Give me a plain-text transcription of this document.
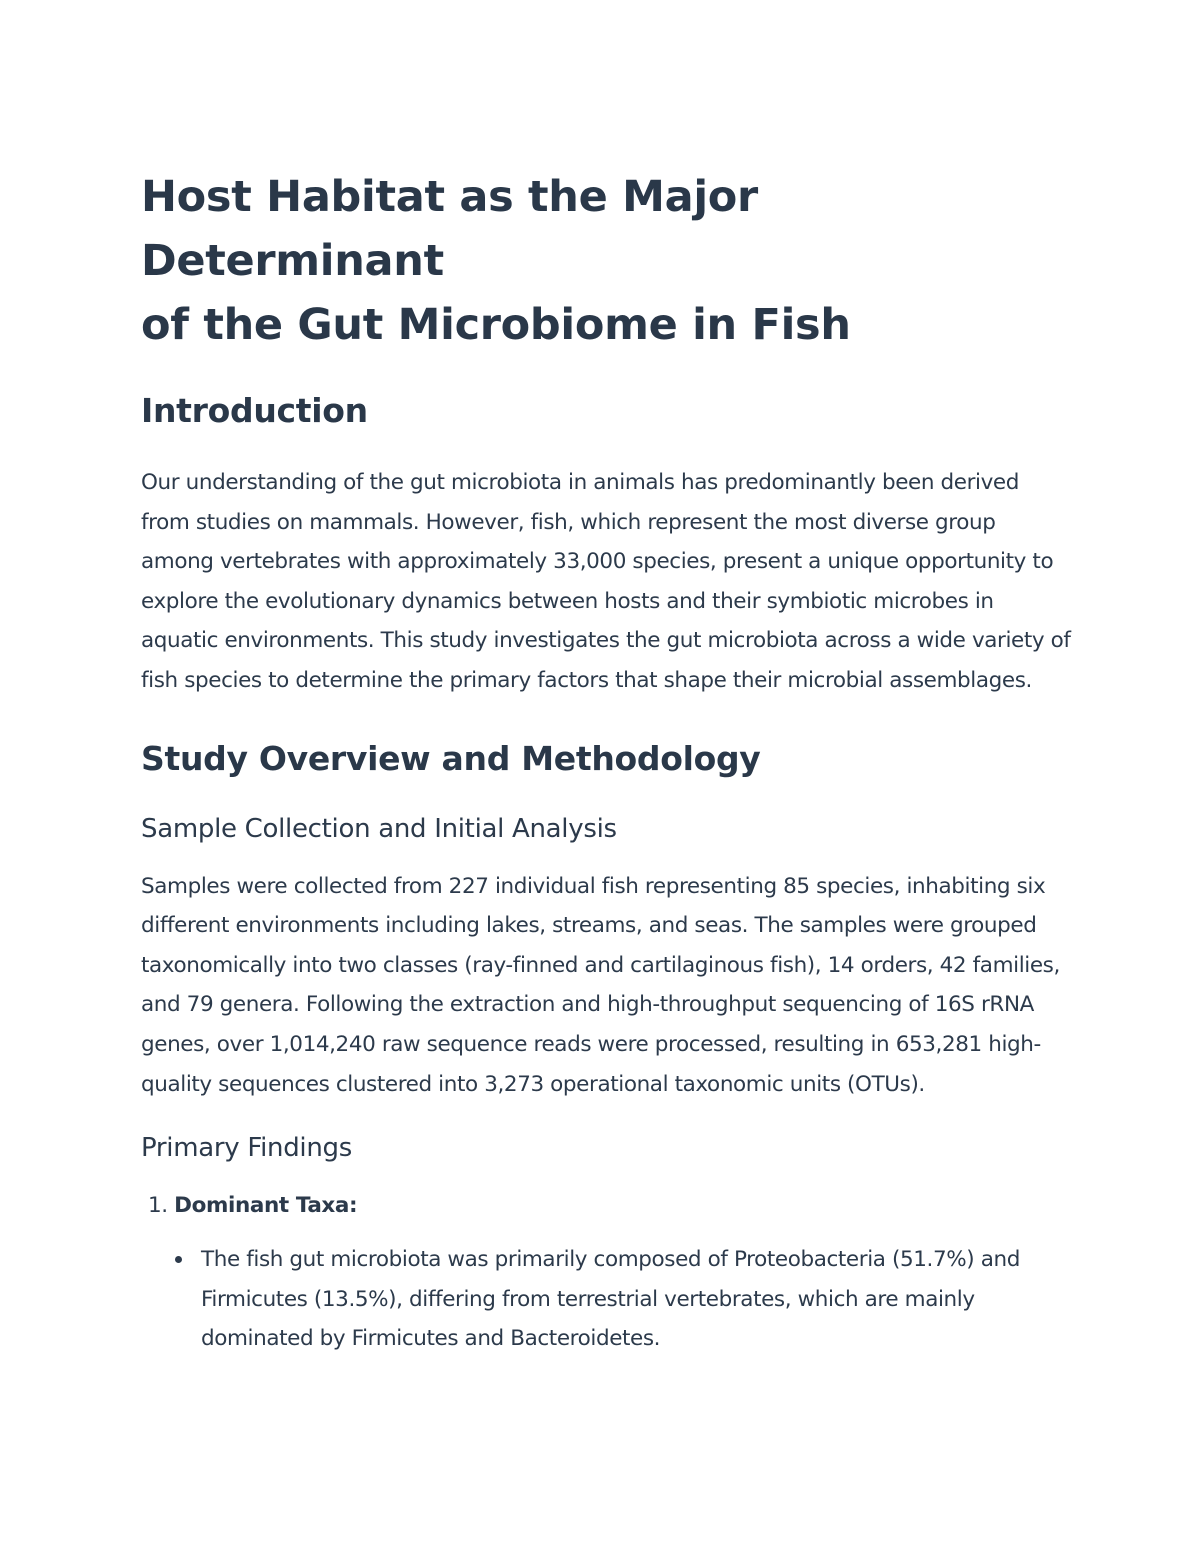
Host Habitat as the Major Determinant
of the Gut Microbiome in Fish
Introduction

Our understanding of the gut microbiota in animals has predominantly been derived from studies on mammals. However, fish, which represent the most diverse group among vertebrates with approximately 33,000 species, present a unique opportunity to explore the evolutionary dynamics between hosts and their symbiotic microbes in aquatic environments. This study investigates the gut microbiota across a wide variety of fish species to determine the primary factors that shape their microbial assemblages.

Study Overview and Methodology
Sample Collection and Initial Analysis

Samples were collected from 227 individual fish representing 85 species, inhabiting six different environments including lakes, streams, and seas. The samples were grouped taxonomically into two classes (ray-finned and cartilaginous fish), 14 orders, 42 families, and 79 genera. Following the extraction and high-throughput sequencing of 16S rRNA genes, over 1,014,240 raw sequence reads were processed, resulting in 653,281 high-quality sequences clustered into 3,273 operational taxonomic units (OTUs).

Primary Findings
1. Dominant Taxa:
The fish gut microbiota was primarily composed of Proteobacteria (51.7%) and Firmicutes (13.5%), differing from terrestrial vertebrates, which are mainly dominated by Firmicutes and Bacteroidetes.
